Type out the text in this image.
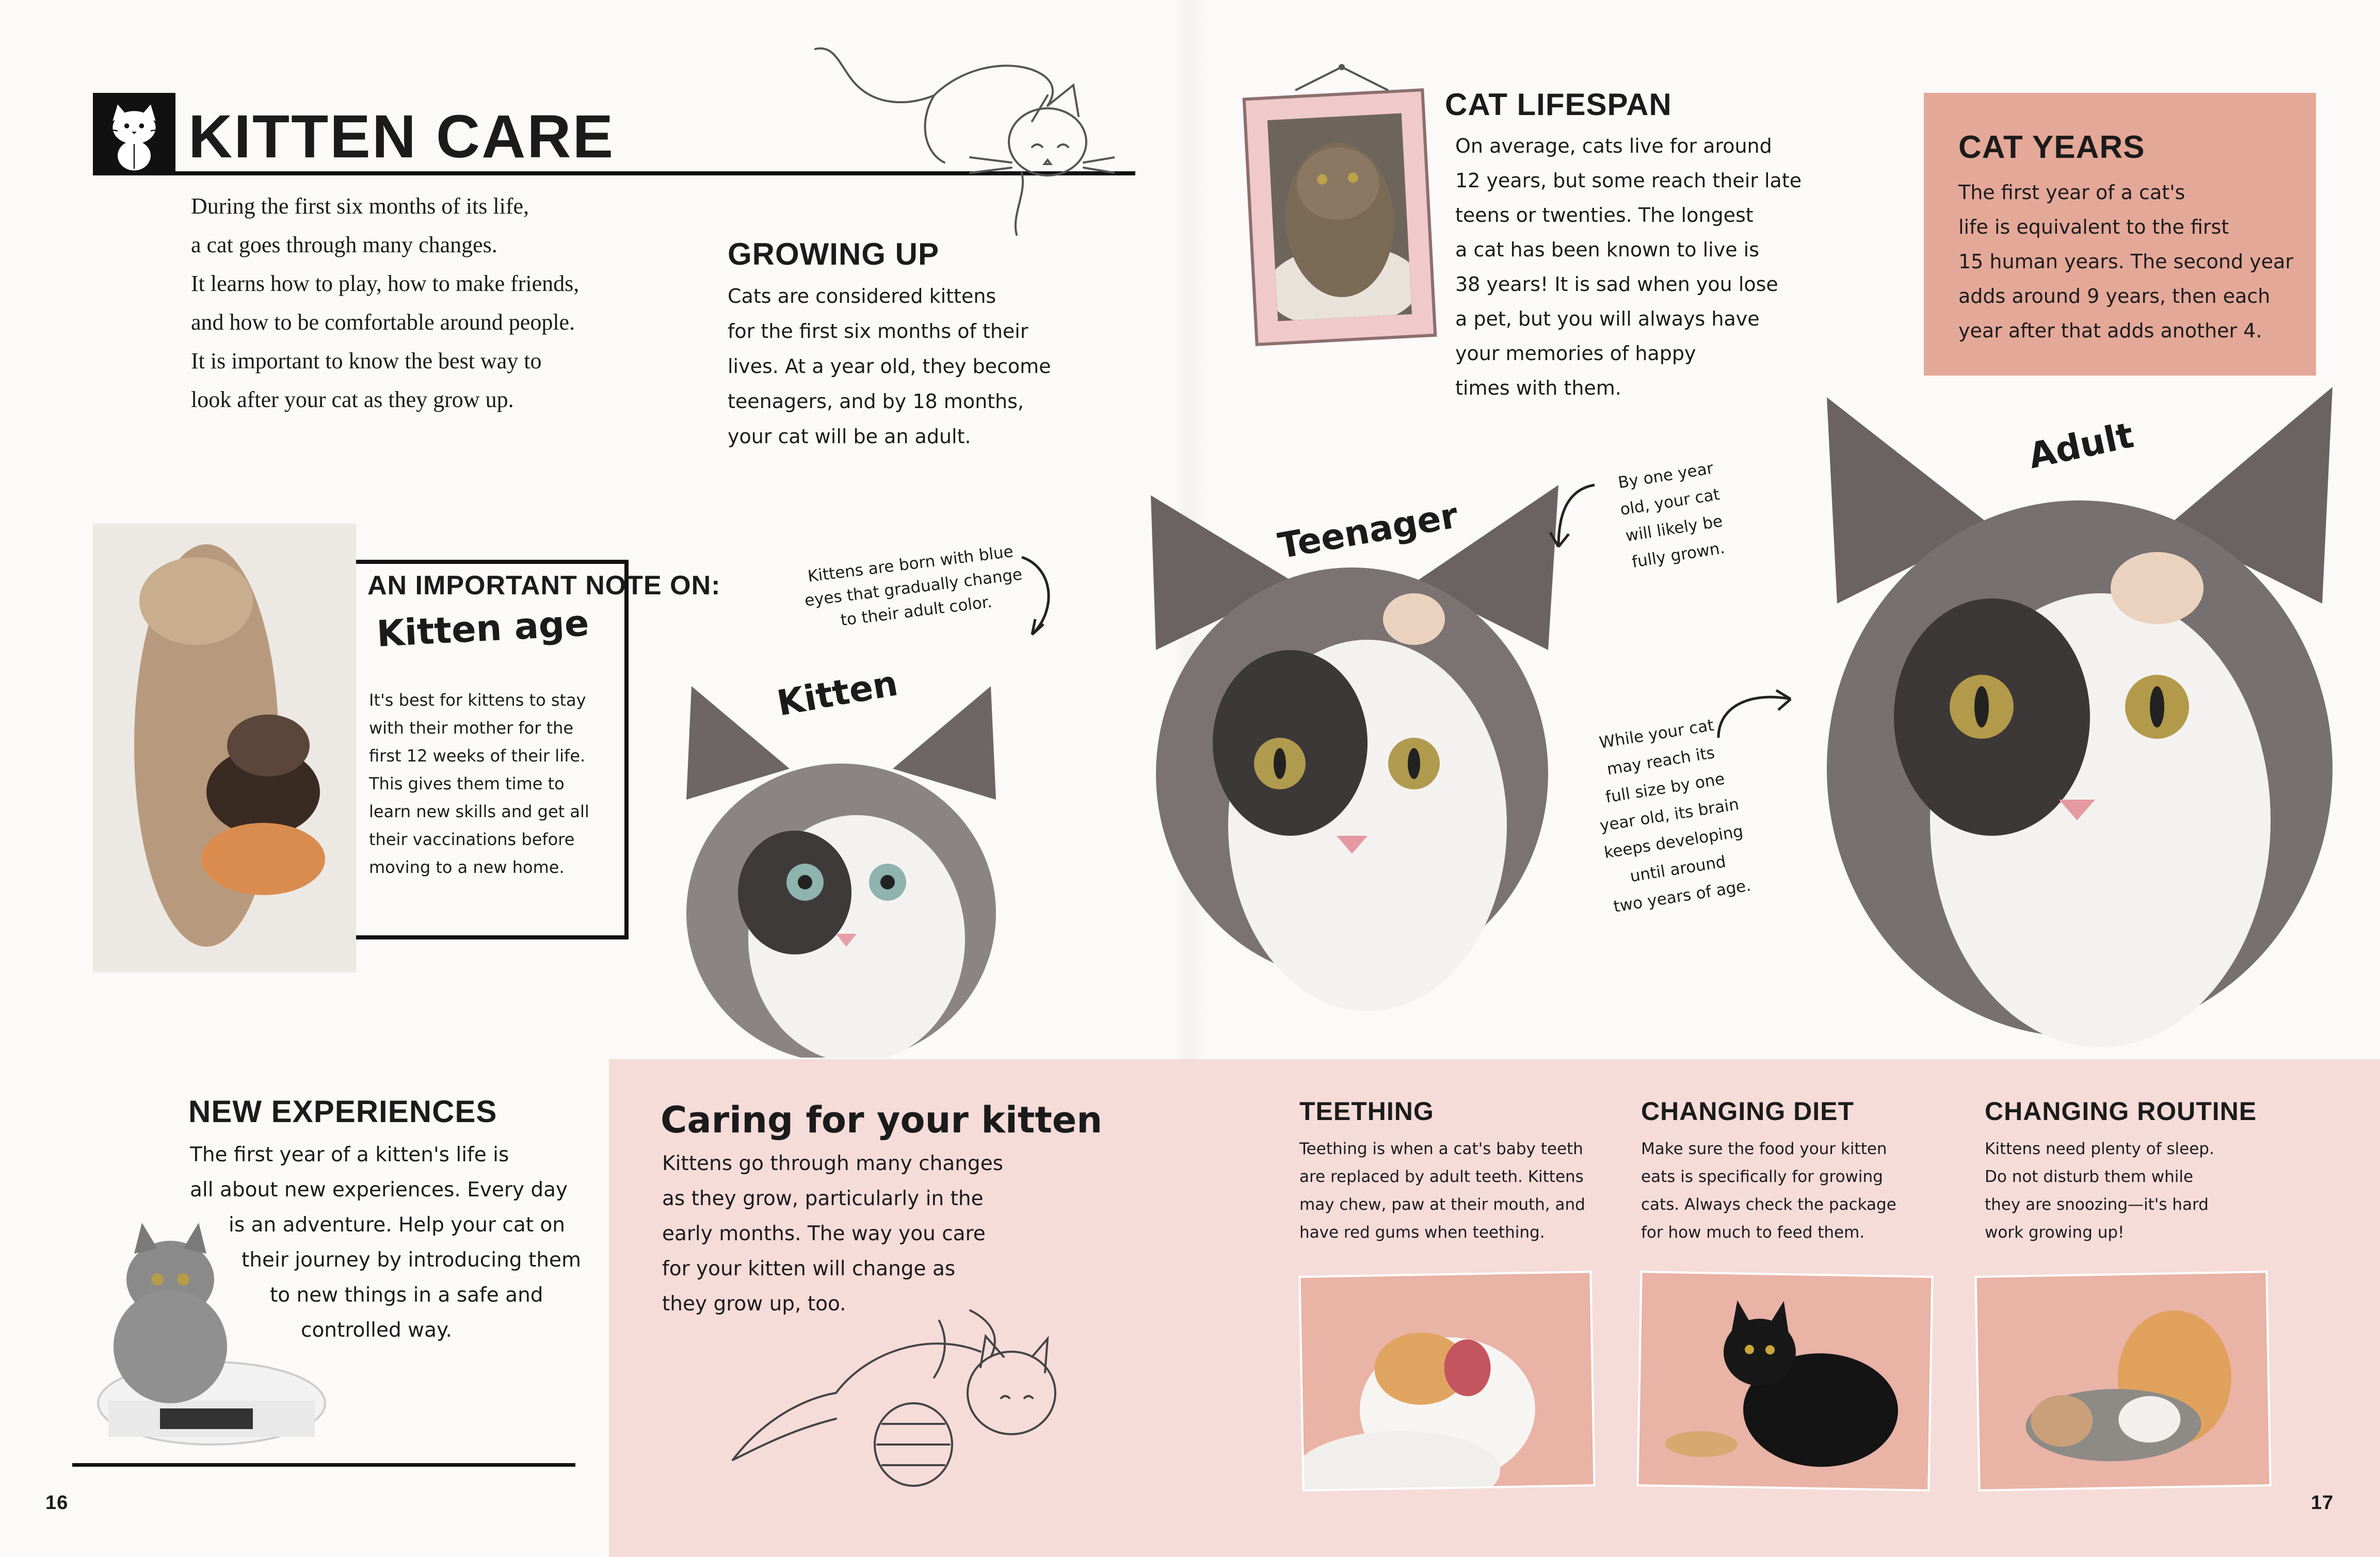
KITTEN CARE
During the first six months of its life,
a cat goes through many changes.
It learns how to play, how to make friends,
and how to be comfortable around people.
It is important to know the best way to
look after your cat as they grow up.
GROWING UP
Cats are considered kittens
for the first six months of their
lives. At a year old, they become
teenagers, and by 18 months,
your cat will be an adult.
CAT LIFESPAN
On average, cats live for around
12 years, but some reach their late
teens or twenties. The longest
a cat has been known to live is
38 years! It is sad when you lose
a pet, but you will always have
your memories of happy
times with them.
CAT YEARS
The first year of a cat's
life is equivalent to the first
15 human years. The second year
adds around 9 years, then each
year after that adds another 4.
AN IMPORTANT NOTE ON:
Kitten age
It's best for kittens to stay
with their mother for the
first 12 weeks of their life.
This gives them time to
learn new skills and get all
their vaccinations before
moving to a new home.
Kitten
Teenager
Adult
Kittens are born with blue
eyes that gradually change
to their adult color.
By one year
old, your cat
will likely be
fully grown.
While your cat
may reach its
full size by one
year old, its brain
keeps developing
until around
two years of age.
NEW EXPERIENCES
The first year of a kitten's life is
all about new experiences. Every day
is an adventure. Help your cat on
their journey by introducing them
to new things in a safe and
controlled way.
Caring for your kitten
Kittens go through many changes
as they grow, particularly in the
early months. The way you care
for your kitten will change as
they grow up, too.
TEETHING
Teething is when a cat's baby teeth
are replaced by adult teeth. Kittens
may chew, paw at their mouth, and
have red gums when teething.
CHANGING DIET
Make sure the food your kitten
eats is specifically for growing
cats. Always check the package
for how much to feed them.
CHANGING ROUTINE
Kittens need plenty of sleep.
Do not disturb them while
they are snoozing—it's hard
work growing up!
16	17
